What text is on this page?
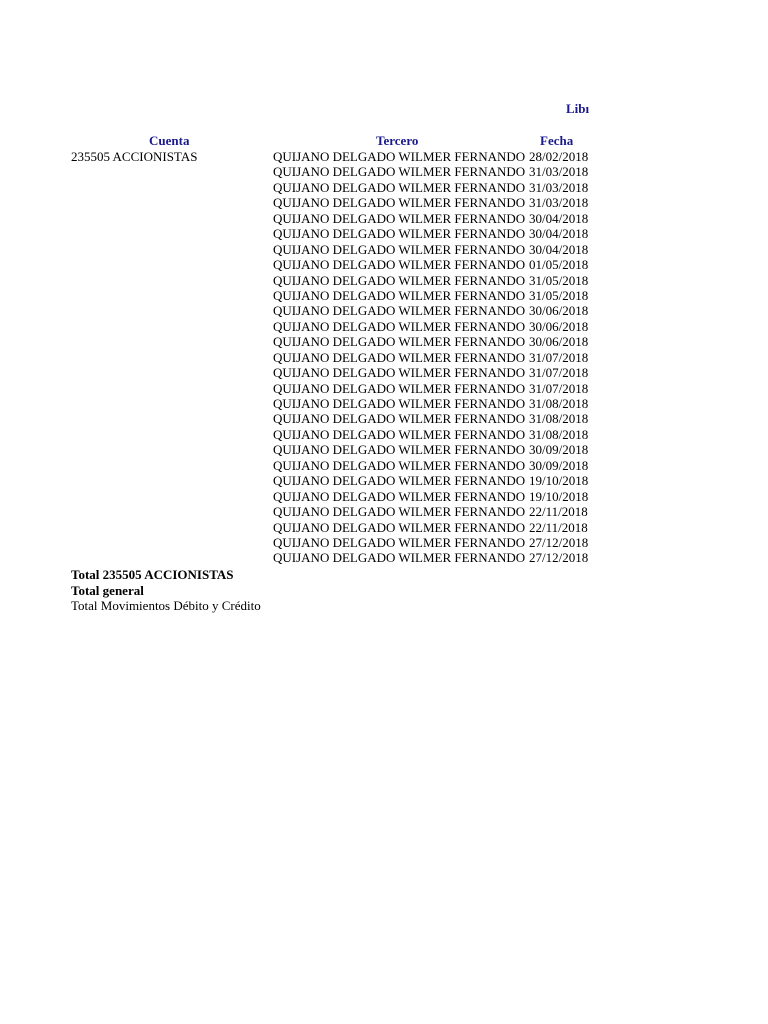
Libı
Cuenta	Tercero	Fecha
235505 ACCIONISTAS	QUIJANO DELGADO WILMER FERNANDO 28/02/2018
QUIJANO DELGADO WILMER FERNANDO 31/03/2018
QUIJANO DELGADO WILMER FERNANDO 31/03/2018
QUIJANO DELGADO WILMER FERNANDO 31/03/2018
QUIJANO DELGADO WILMER FERNANDO 30/04/2018
QUIJANO DELGADO WILMER FERNANDO 30/04/2018
QUIJANO DELGADO WILMER FERNANDO 30/04/2018
QUIJANO DELGADO WILMER FERNANDO 01/05/2018
QUIJANO DELGADO WILMER FERNANDO 31/05/2018
QUIJANO DELGADO WILMER FERNANDO 31/05/2018
QUIJANO DELGADO WILMER FERNANDO 30/06/2018
QUIJANO DELGADO WILMER FERNANDO 30/06/2018
QUIJANO DELGADO WILMER FERNANDO 30/06/2018
QUIJANO DELGADO WILMER FERNANDO 31/07/2018
QUIJANO DELGADO WILMER FERNANDO 31/07/2018
QUIJANO DELGADO WILMER FERNANDO 31/07/2018
QUIJANO DELGADO WILMER FERNANDO 31/08/2018
QUIJANO DELGADO WILMER FERNANDO 31/08/2018
QUIJANO DELGADO WILMER FERNANDO 31/08/2018
QUIJANO DELGADO WILMER FERNANDO 30/09/2018
QUIJANO DELGADO WILMER FERNANDO 30/09/2018
QUIJANO DELGADO WILMER FERNANDO 19/10/2018
QUIJANO DELGADO WILMER FERNANDO 19/10/2018
QUIJANO DELGADO WILMER FERNANDO 22/11/2018
QUIJANO DELGADO WILMER FERNANDO 22/11/2018
QUIJANO DELGADO WILMER FERNANDO 27/12/2018
QUIJANO DELGADO WILMER FERNANDO 27/12/2018
Total 235505 ACCIONISTAS
Total general
Total Movimientos Débito y Crédito
